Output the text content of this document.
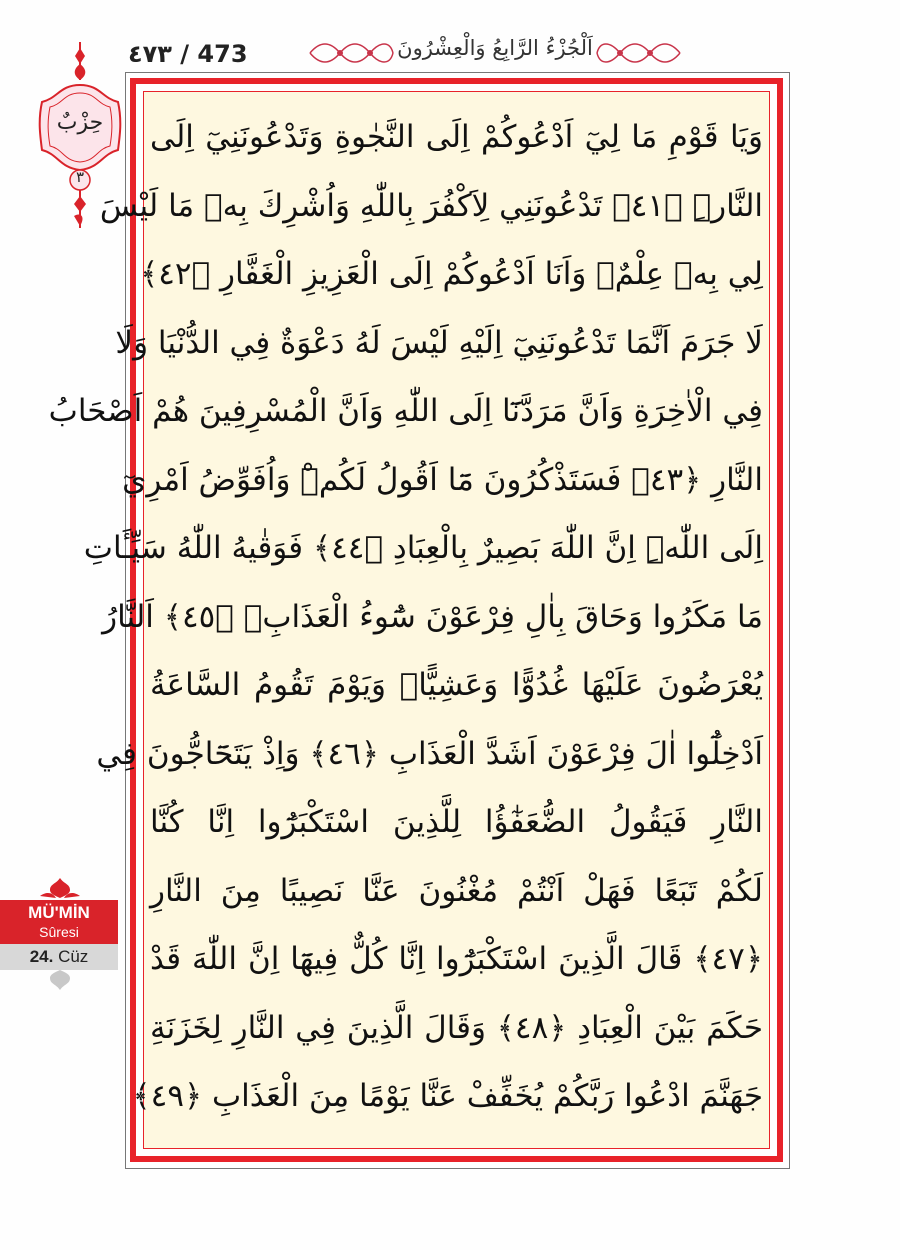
٤٧٣ / 473	اَلْجُزْءُ الرَّابِعُ وَالْعِشْرُونَ
حِزْبٌ
٣
MÜ'MİN
Sûresi
24. Cüz
وَيَا قَوْمِ مَا لِيٓ اَدْعُوكُمْ اِلَى النَّجٰوةِ وَتَدْعُونَنِيٓ اِلَى
النَّارِۜ ﴿٤١﴾ تَدْعُونَنِي لِاَكْفُرَ بِاللّٰهِ وَاُشْرِكَ بِهٖ مَا لَيْسَ
لِي بِهٖ عِلْمٌۘ وَاَنَا اَدْعُوكُمْ اِلَى الْعَزِيزِ الْغَفَّارِ ﴿٤٢﴾
لَا جَرَمَ اَنَّمَا تَدْعُونَنِيٓ اِلَيْهِ لَيْسَ لَهُ دَعْوَةٌ فِي الدُّنْيَا وَلَا
فِي الْاٰخِرَةِ وَاَنَّ مَرَدَّنَٓا اِلَى اللّٰهِ وَاَنَّ الْمُسْرِفِينَ هُمْ اَصْحَابُ
النَّارِ ﴿٤٣﴾ فَسَتَذْكُرُونَ مَٓا اَقُولُ لَكُمْۜ وَاُفَوِّضُ اَمْرِيٓ
اِلَى اللّٰهِۜ اِنَّ اللّٰهَ بَصِيرٌ بِالْعِبَادِ ﴿٤٤﴾ فَوَقٰيهُ اللّٰهُ سَيِّـَٔاتِ
مَا مَكَرُوا وَحَاقَ بِاٰلِ فِرْعَوْنَ سُٓوءُ الْعَذَابِۚ ﴿٤٥﴾ اَلنَّارُ
يُعْرَضُونَ عَلَيْهَا غُدُوًّا وَعَشِيًّاۚ وَيَوْمَ تَقُومُ السَّاعَةُ
اَدْخِلُٓوا اٰلَ فِرْعَوْنَ اَشَدَّ الْعَذَابِ ﴿٤٦﴾ وَاِذْ يَتَحَٓاجُّونَ فِي
النَّارِ فَيَقُولُ الضُّعَفٰٓؤُا لِلَّذِينَ اسْتَكْبَرُٓوا اِنَّا كُنَّا
لَكُمْ تَبَعًا فَهَلْ اَنْتُمْ مُغْنُونَ عَنَّا نَصِيبًا مِنَ النَّارِ
﴿٤٧﴾ قَالَ الَّذِينَ اسْتَكْبَرُٓوا اِنَّا كُلٌّ فِيهَٓا اِنَّ اللّٰهَ قَدْ
حَكَمَ بَيْنَ الْعِبَادِ ﴿٤٨﴾ وَقَالَ الَّذِينَ فِي النَّارِ لِخَزَنَةِ
جَهَنَّمَ ادْعُوا رَبَّكُمْ يُخَفِّفْ عَنَّا يَوْمًا مِنَ الْعَذَابِ ﴿٤٩﴾
